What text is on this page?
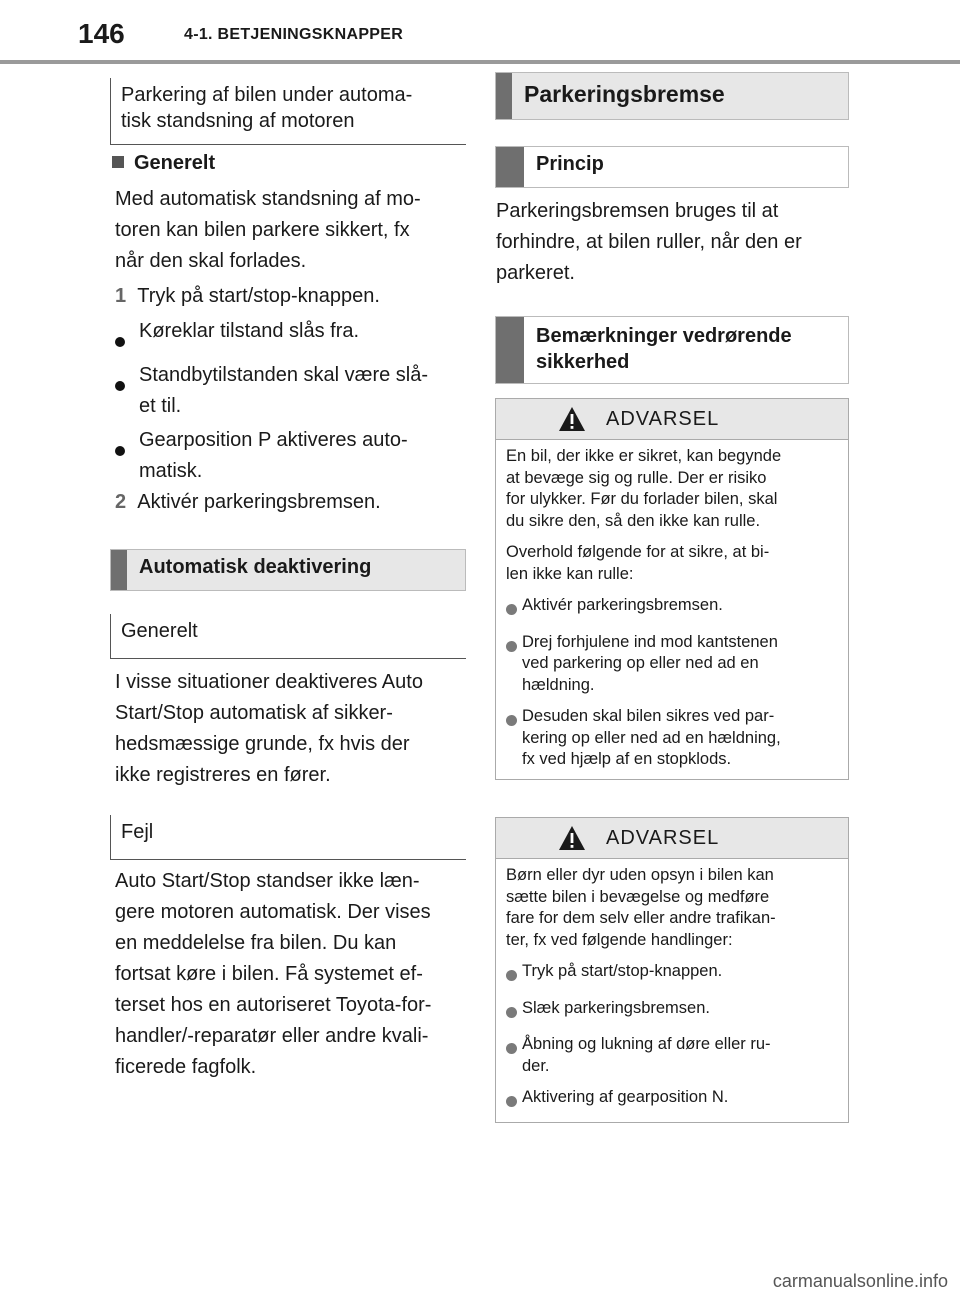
146	4-1. BETJENINGSKNAPPER
Parkering af bilen under automa-
tisk standsning af motoren
Generelt
Med automatisk standsning af mo-
toren kan bilen parkere sikkert, fx
når den skal forlades.
1 Tryk på start/stop-knappen.
Køreklar tilstand slås fra.
Standbytilstanden skal være slå-
et til.
Gearposition P aktiveres auto-
matisk.
2 Aktivér parkeringsbremsen.
Automatisk deaktivering
Generelt
I visse situationer deaktiveres Auto
Start/Stop automatisk af sikker-
hedsmæssige grunde, fx hvis der
ikke registreres en fører.
Fejl
Auto Start/Stop standser ikke læn-
gere motoren automatisk. Der vises
en meddelelse fra bilen. Du kan
fortsat køre i bilen. Få systemet ef-
terset hos en autoriseret Toyota-for-
handler/-reparatør eller andre kvali-
ficerede fagfolk.
Parkeringsbremse
Princip
Parkeringsbremsen bruges til at
forhindre, at bilen ruller, når den er
parkeret.
Bemærkninger vedrørende
sikkerhed
ADVARSEL

En bil, der ikke er sikret, kan begynde
at bevæge sig og rulle. Der er risiko
for ulykker. Før du forlader bilen, skal
du sikre den, så den ikke kan rulle.

Overhold følgende for at sikre, at bi-
len ikke kan rulle:

Aktivér parkeringsbremsen.
Drej forhjulene ind mod kantstenen
ved parkering op eller ned ad en
hældning.
Desuden skal bilen sikres ved par-
kering op eller ned ad en hældning,
fx ved hjælp af en stopklods.
ADVARSEL

Børn eller dyr uden opsyn i bilen kan
sætte bilen i bevægelse og medføre
fare for dem selv eller andre trafikan-
ter, fx ved følgende handlinger:

Tryk på start/stop-knappen.
Slæk parkeringsbremsen.
Åbning og lukning af døre eller ru-
der.
Aktivering af gearposition N.
carmanualsonline.info
